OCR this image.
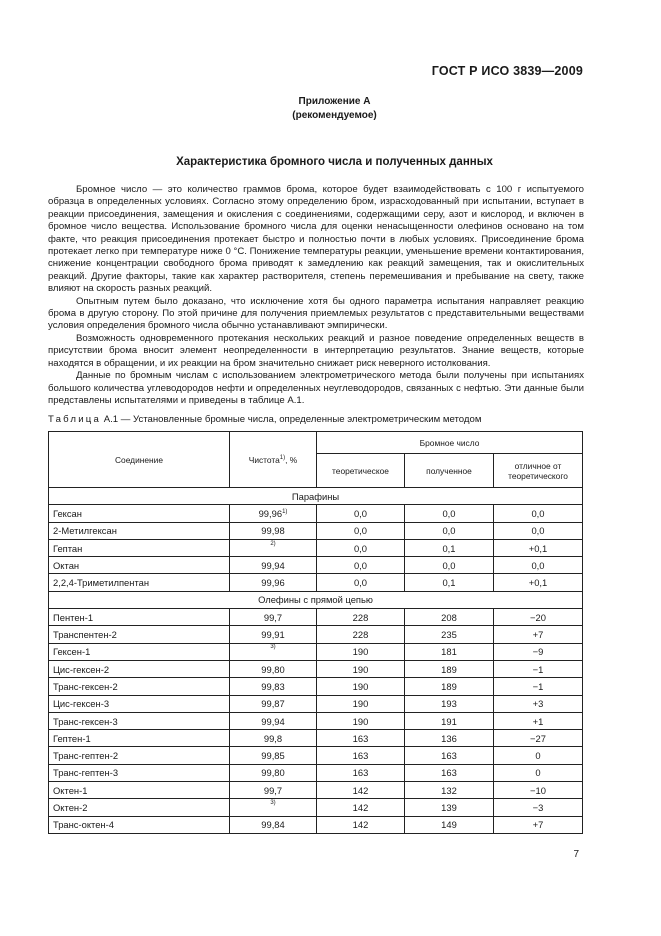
ГОСТ Р ИСО 3839—2009
Приложение А
(рекомендуемое)
Характеристика бромного числа и полученных данных

Бромное число — это количество граммов брома, которое будет взаимодействовать с 100 г испытуемого образца в определенных условиях. Согласно этому определению бром, израсходованный при испытании, вступает в реакции присоединения, замещения и окисления с соединениями, содержащими серу, азот и кислород, и включен в бромное число вещества. Использование бромного числа для оценки ненасыщенности олефинов основано на том факте, что реакция присоединения протекает быстро и полностью почти в любых условиях. Присоединение брома протекает легко при температуре ниже 0 °С. Понижение температуры реакции, уменьшение времени контактирования, снижение концентрации свободного брома приводят к замедлению как реакций замещения, так и окислительных реакций. Другие факторы, такие как характер растворителя, степень перемешивания и пребывание на свету, также влияют на скорость разных реакций.

Опытным путем было доказано, что исключение хотя бы одного параметра испытания направляет реакцию брома в другую сторону. По этой причине для получения приемлемых результатов с представительными веществами условия определения бромного числа обычно устанавливают эмпирически.

Возможность одновременного протекания нескольких реакций и разное поведение определенных веществ в присутствии брома вносит элемент неопределенности в интерпретацию результатов. Знание веществ, которые находятся в обращении, и их реакции на бром значительно снижает риск неверного истолкования.

Данные по бромным числам с использованием электрометрического метода были получены при испытаниях большого количества углеводородов нефти и определенных неуглеводородов, связанных с нефтью. Эти данные были представлены испытателями и приведены в таблице А.1.

Таблица А.1 — Установленные бромные числа, определенные электрометрическим методом
Соединение	Чистота$^{1)}$, %	Бромное число		
		теоретическое	полученное	отличное от теоретического
Парафины				
Гексан	99,96$^{1)}$	0,0	0,0	0,0
2-Метилгексан	99,98	0,0	0,0	0,0
Гептан	$^{2)}$	0,0	0,1	+0,1
Октан	99,94	0,0	0,0	0,0
2,2,4-Триметилпентан	99,96	0,0	0,1	+0,1
Олефины с прямой цепью				
Пентен-1	99,7	228	208	−20
Транспентен-2	99,91	228	235	+7
Гексен-1	$^{3)}$	190	181	−9
Цис-гексен-2	99,80	190	189	−1
Транс-гексен-2	99,83	190	189	−1
Цис-гексен-3	99,87	190	193	+3
Транс-гексен-3	99,94	190	191	+1
Гептен-1	99,8	163	136	−27
Транс-гептен-2	99,85	163	163	0
Транс-гептен-3	99,80	163	163	0
Октен-1	99,7	142	132	−10
Октен-2	$^{3)}$	142	139	−3
Транс-октен-4	99,84	142	149	+7
7
